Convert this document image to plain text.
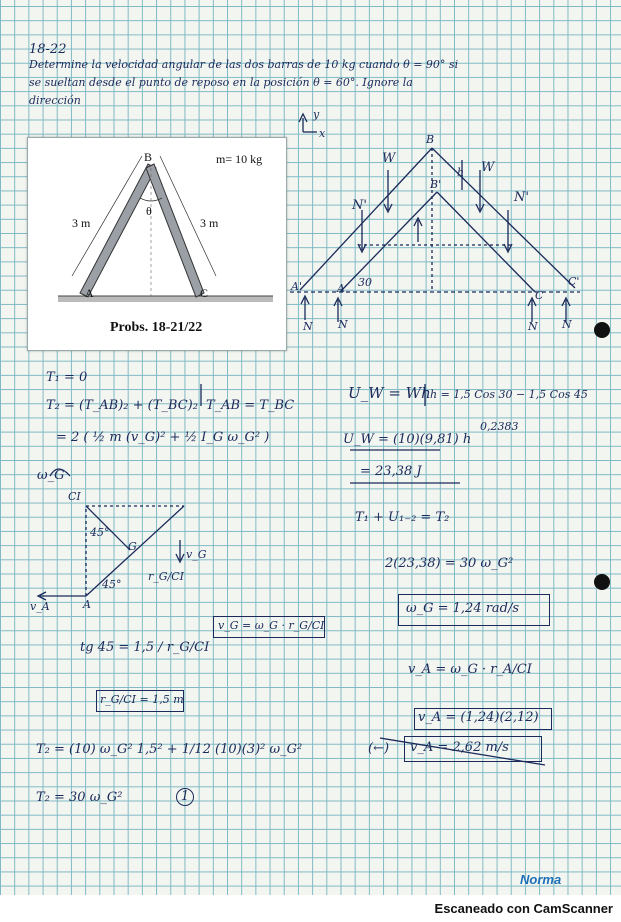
18-22
Determine la velocidad angular de las dos barras de 10 kg cuando θ = 90° si
se sueltan desde el punto de reposo en la posición θ = 60°. Ignore la
dirección
B
A	C
θ
3 m	3 m
m= 10 kg
Probs. 18-21/22
y
x	B
B'
h
W
W
N'
N'
A'	A
C
C'
30
N N	N N
T₁ = 0
T₂ = (T_AB)₂ + (T_BC)₂ T_AB = T_BC
= 2 ( ½ m (v_G)² + ½ I_G ω_G² )
ω_G
CI
45°
G
r_G/CI
v_G
45°
v_A	A
v_G = ω_G · r_G/CI
tg 45 = 1,5 / r_G/CI
r_G/CI = 1,5 m
T₂ = (10) ω_G² 1,5² + 1/12 (10)(3)² ω_G²
T₂ = 30 ω_G²	1
U_W = Wh h = 1,5 Cos 30 − 1,5 Cos 45
0,2383
U_W = (10)(9,81) h
= 23,38 J
T₁ + U₁₋₂ = T₂
2(23,38) = 30 ω_G²
ω_G = 1,24 rad/s
v_A = ω_G · r_A/CI
v_A = (1,24)(2,12)
(←) v_A = 2,62 m/s
Norma
Escaneado con CamScanner
